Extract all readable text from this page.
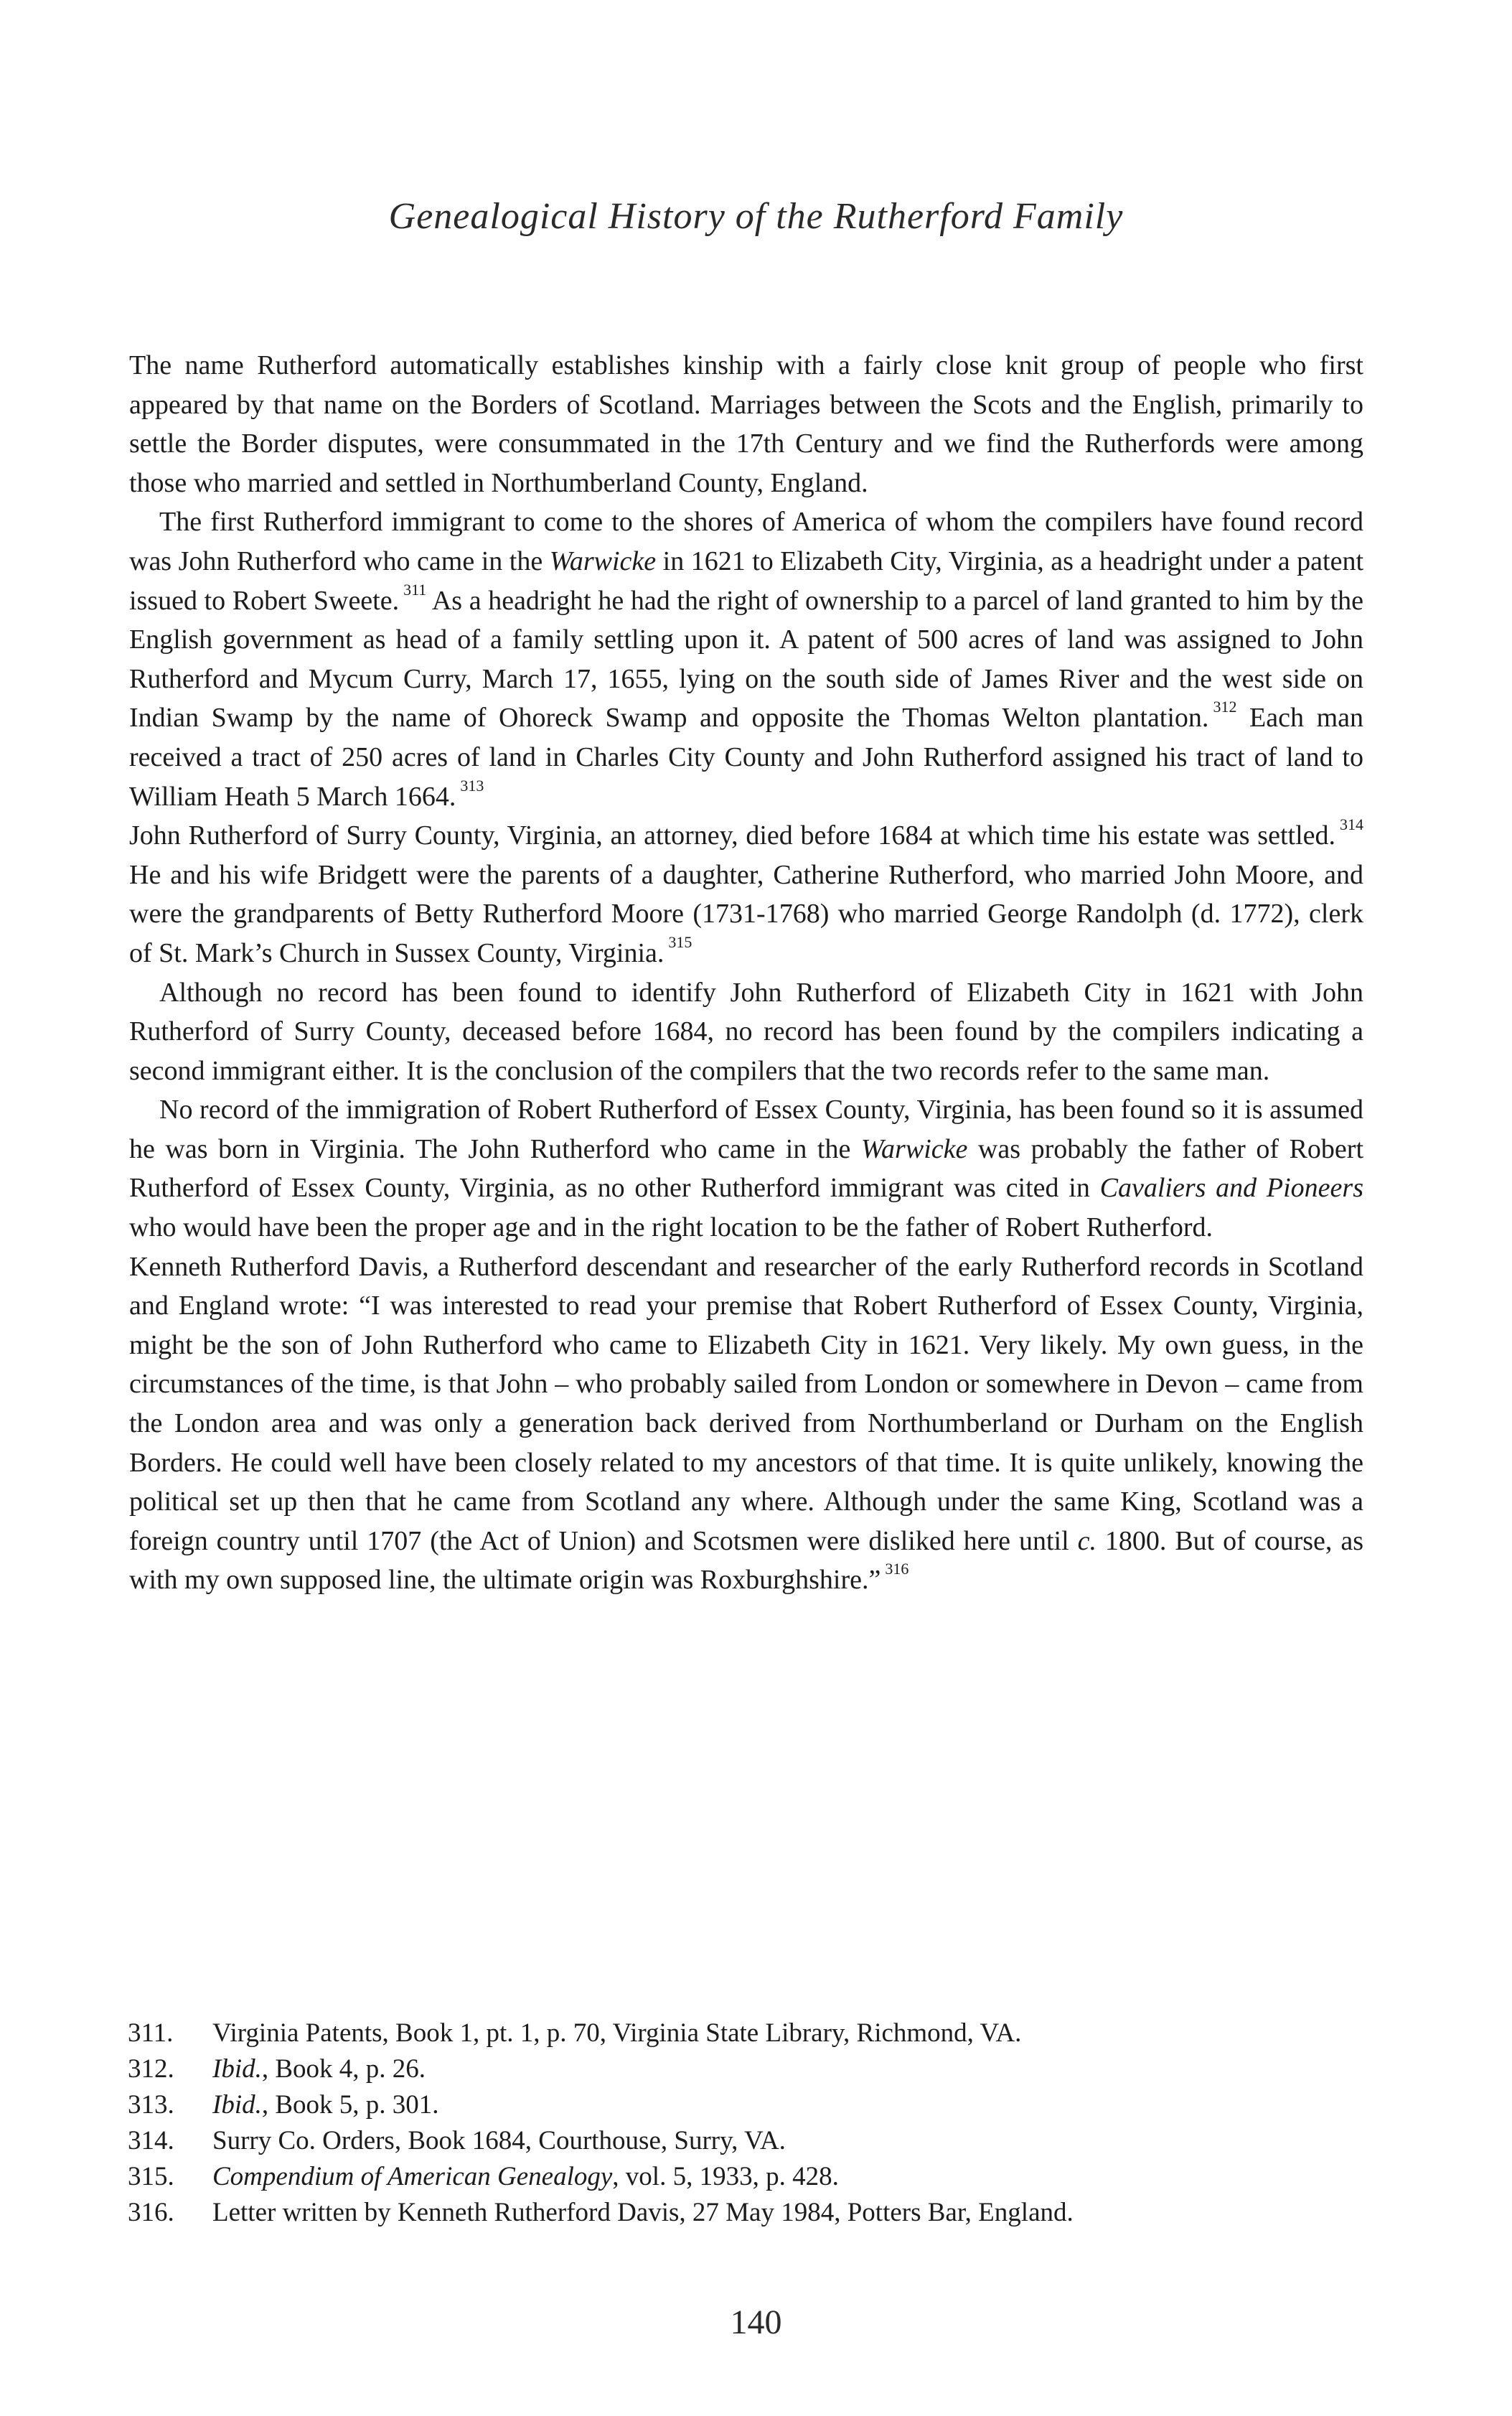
Genealogical History of the Rutherford Family

The name Rutherford automatically establishes kinship with a fairly close knit group of people who first appeared by that name on the Borders of Scotland. Marriages between the Scots and the English, primarily to settle the Border disputes, were consummated in the 17th Century and we find the Rutherfords were among those who married and settled in Northumberland County, England.

The first Rutherford immigrant to come to the shores of America of whom the compilers have found record was John Rutherford who came in the Warwicke in 1621 to Elizabeth City, Virginia, as a headright under a patent issued to Robert Sweete. $^{311}$ As a headright he had the right of ownership to a parcel of land granted to him by the English government as head of a family settling upon it. A patent of 500 acres of land was assigned to John Rutherford and Mycum Curry, March 17, 1655, lying on the south side of James River and the west side on Indian Swamp by the name of Ohoreck Swamp and opposite the Thomas Welton plantation. $^{312}$ Each man received a tract of 250 acres of land in Charles City County and John Rutherford assigned his tract of land to William Heath 5 March 1664. $^{313}$

John Rutherford of Surry County, Virginia, an attorney, died before 1684 at which time his estate was settled. $^{314}$ He and his wife Bridgett were the parents of a daughter, Catherine Rutherford, who married John Moore, and were the grandparents of Betty Rutherford Moore (1731-1768) who married George Randolph (d. 1772), clerk of St. Mark’s Church in Sussex County, Virginia. $^{315}$

Although no record has been found to identify John Rutherford of Elizabeth City in 1621 with John Rutherford of Surry County, deceased before 1684, no record has been found by the compilers indicating a second immigrant either. It is the conclusion of the compilers that the two records refer to the same man.

No record of the immigration of Robert Rutherford of Essex County, Virginia, has been found so it is assumed he was born in Virginia. The John Rutherford who came in the Warwicke was probably the father of Robert Rutherford of Essex County, Virginia, as no other Rutherford immigrant was cited in Cavaliers and Pioneers who would have been the proper age and in the right location to be the father of Robert Rutherford.

Kenneth Rutherford Davis, a Rutherford descendant and researcher of the early Rutherford records in Scotland and England wrote: “I was interested to read your premise that Robert Rutherford of Essex County, Virginia, might be the son of John Rutherford who came to Elizabeth City in 1621. Very likely. My own guess, in the circumstances of the time, is that John – who probably sailed from London or somewhere in Devon – came from the London area and was only a generation back derived from Northumberland or Durham on the English Borders. He could well have been closely related to my ancestors of that time. It is quite unlikely, knowing the political set up then that he came from Scotland any where. Although under the same King, Scotland was a foreign country until 1707 (the Act of Union) and Scotsmen were disliked here until c. 1800. But of course, as with my own supposed line, the ultimate origin was Roxburghshire.” $^{316}$

311.	Virginia Patents, Book 1, pt. 1, p. 70, Virginia State Library, Richmond, VA.
312.	Ibid., Book 4, p. 26.
313.	Ibid., Book 5, p. 301.
314.	Surry Co. Orders, Book 1684, Courthouse, Surry, VA.
315.	Compendium of American Genealogy, vol. 5, 1933, p. 428.
316.	Letter written by Kenneth Rutherford Davis, 27 May 1984, Potters Bar, England.
140
